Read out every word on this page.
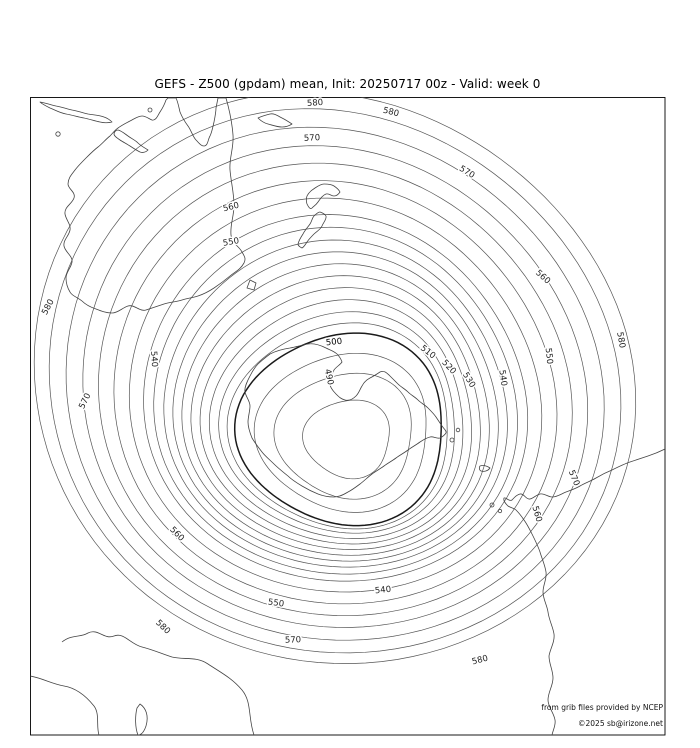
GEFS - Z500 (gpdam) mean, Init: 20250717 00z - Valid: week 0
580
580
580
580
580
580
570
570
570
570
570
560
560
560
560
550
550
550
540
540
540
530
520
510
500
490
from grib files provided by NCEP
©2025 sb@irizone.net
